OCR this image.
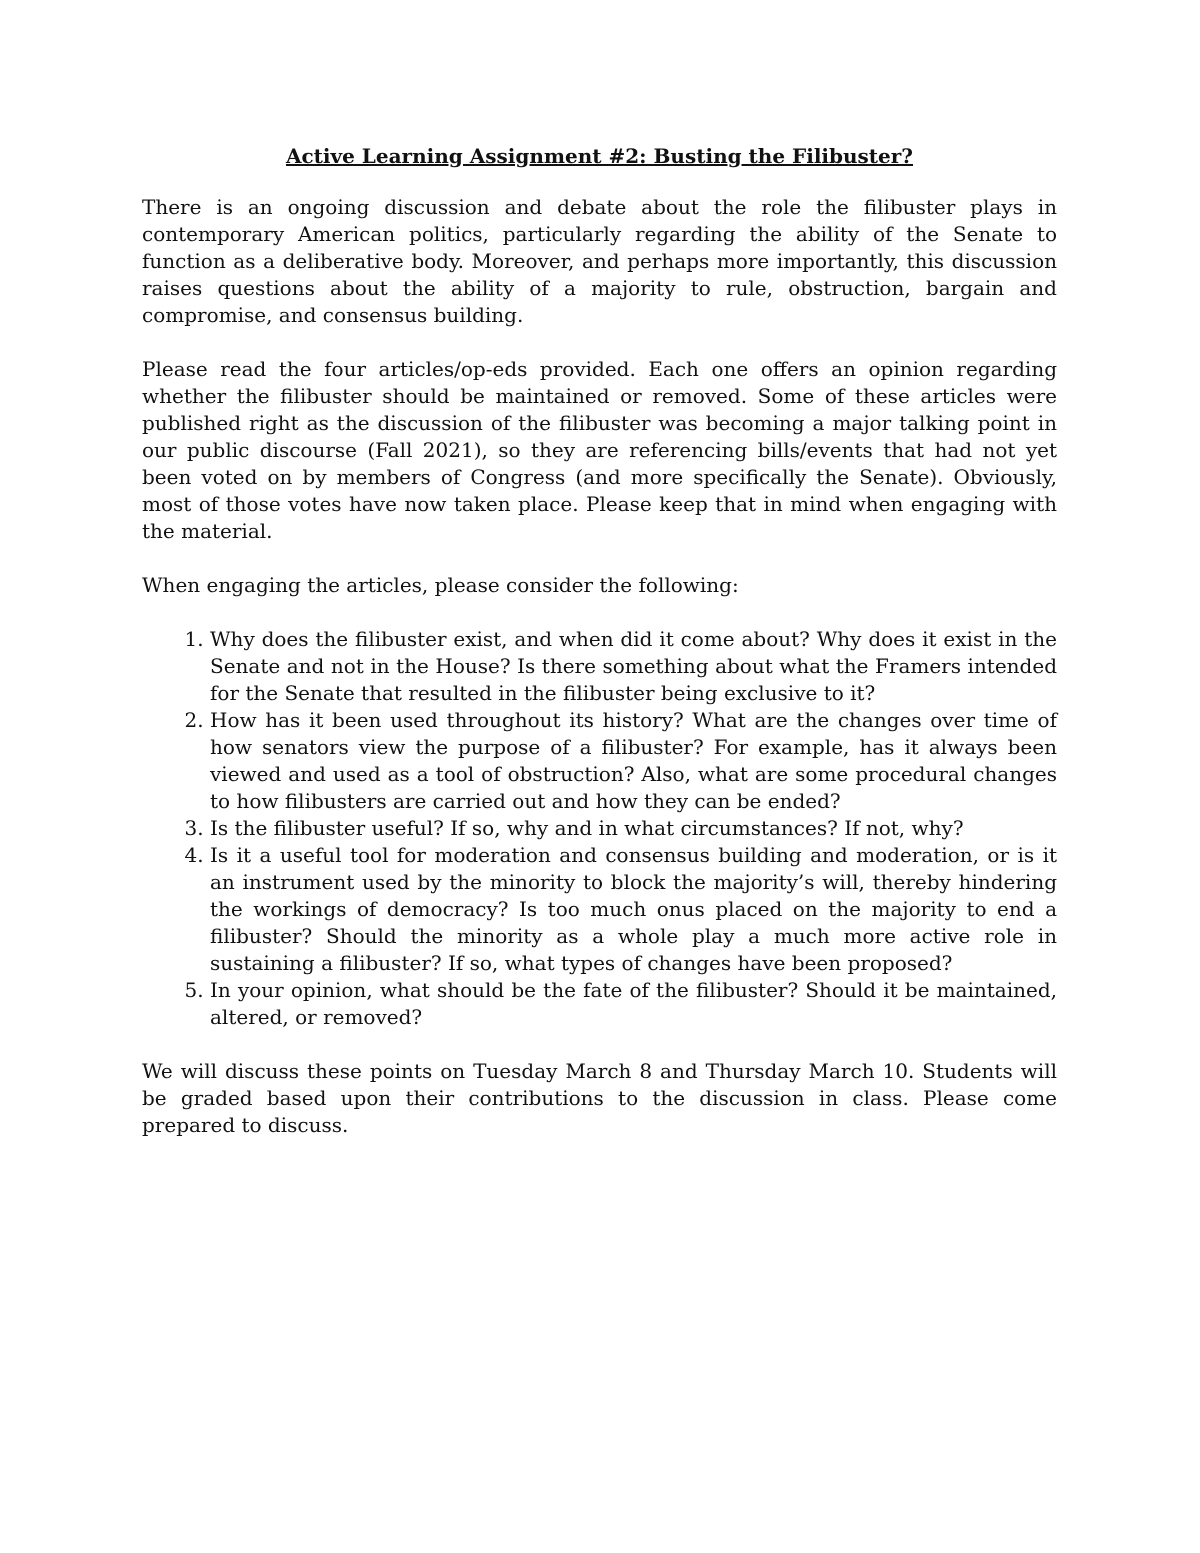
Active Learning Assignment #2: Busting the Filibuster?

There is an ongoing discussion and debate about the role the filibuster plays in contemporary American politics, particularly regarding the ability of the Senate to function as a deliberative body. Moreover, and perhaps more importantly, this discussion raises questions about the ability of a majority to rule, obstruction, bargain and compromise, and consensus building.

Please read the four articles/op-eds provided. Each one offers an opinion regarding whether the filibuster should be maintained or removed. Some of these articles were published right as the discussion of the filibuster was becoming a major talking point in our public discourse (Fall 2021), so they are referencing bills/events that had not yet been voted on by members of Congress (and more specifically the Senate). Obviously, most of those votes have now taken place. Please keep that in mind when engaging with the material.

When engaging the articles, please consider the following:

1. Why does the filibuster exist, and when did it come about? Why does it exist in the Senate and not in the House? Is there something about what the Framers intended for the Senate that resulted in the filibuster being exclusive to it?
2. How has it been used throughout its history? What are the changes over time of how senators view the purpose of a filibuster? For example, has it always been viewed and used as a tool of obstruction? Also, what are some procedural changes to how filibusters are carried out and how they can be ended?
3. Is the filibuster useful? If so, why and in what circumstances? If not, why?
4. Is it a useful tool for moderation and consensus building and moderation, or is it an instrument used by the minority to block the majority’s will, thereby hindering the workings of democracy? Is too much onus placed on the majority to end a filibuster? Should the minority as a whole play a much more active role in sustaining a filibuster? If so, what types of changes have been proposed?
5. In your opinion, what should be the fate of the filibuster? Should it be maintained, altered, or removed?

We will discuss these points on Tuesday March 8 and Thursday March 10. Students will be graded based upon their contributions to the discussion in class. Please come prepared to discuss.
